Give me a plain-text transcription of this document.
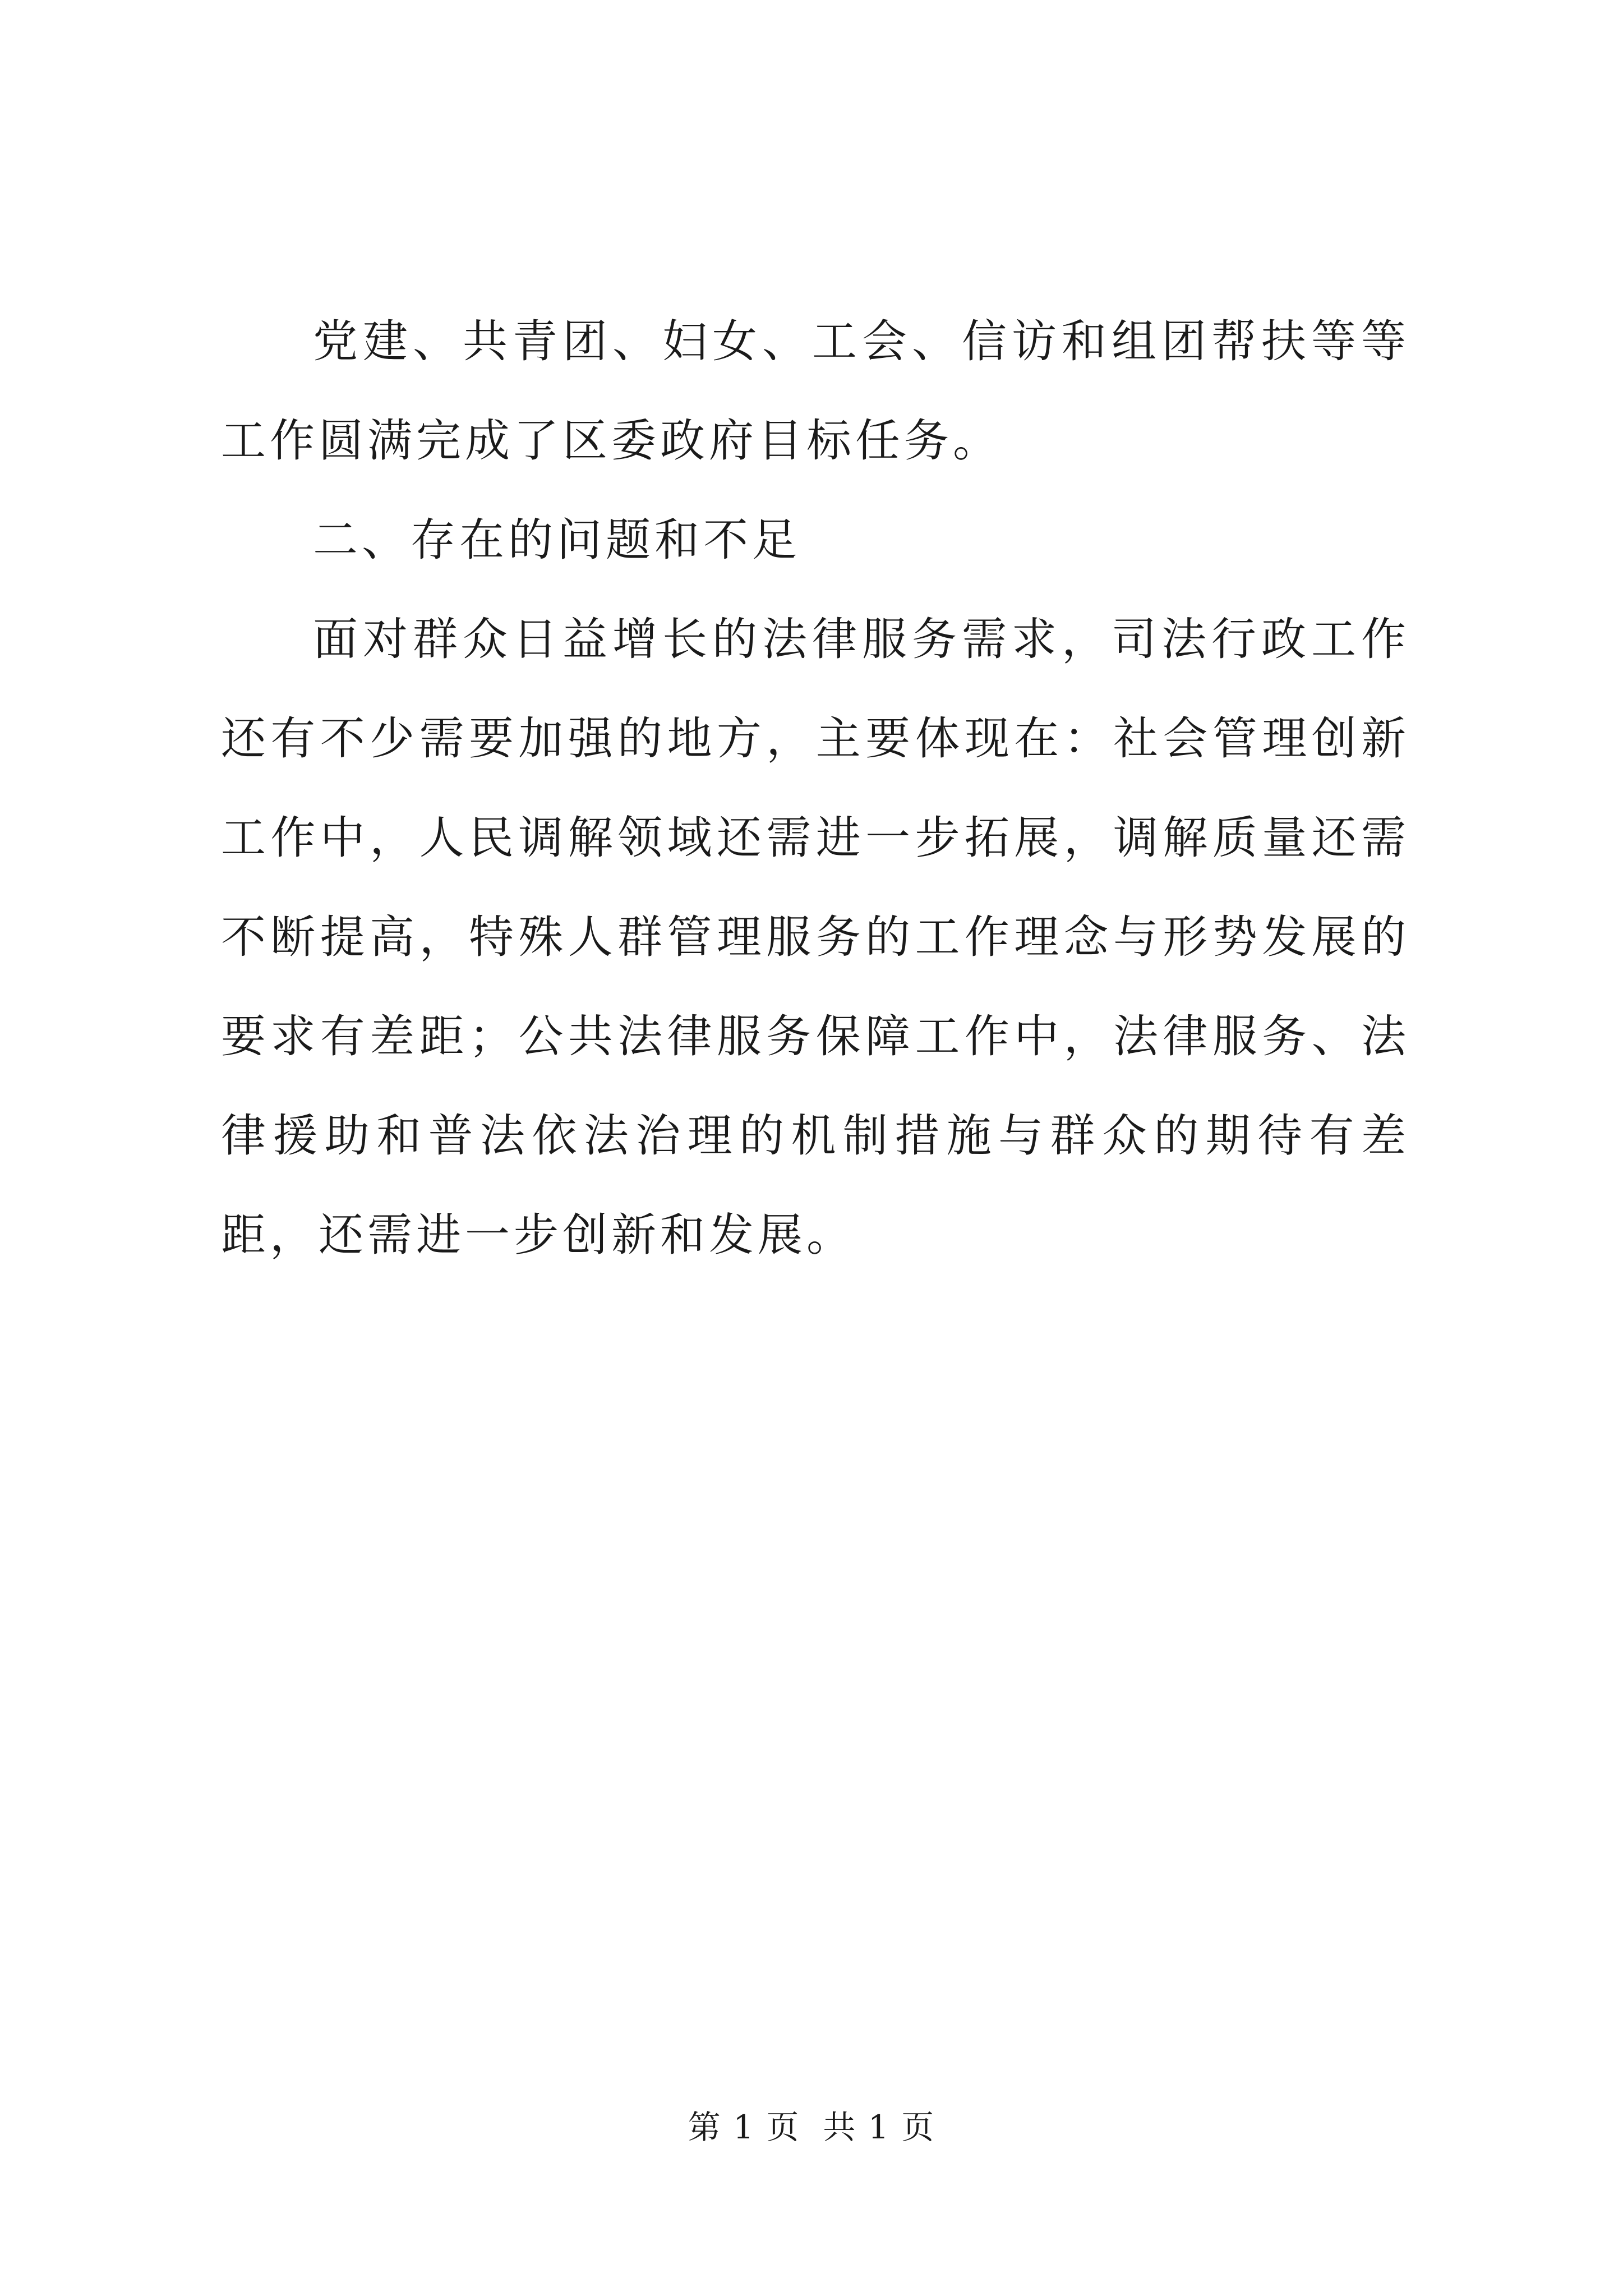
党建、共青团、妇女、工会、信访和组团帮扶等等工作圆满完成了区委政府目标任务。

二、存在的问题和不足

面对群众日益增长的法律服务需求，司法行政工作还有不少需要加强的地方，主要体现在：社会管理创新工作中，人民调解领域还需进一步拓展，调解质量还需不断提高，特殊人群管理服务的工作理念与形势发展的要求有差距；公共法律服务保障工作中，法律服务、法律援助和普法依法治理的机制措施与群众的期待有差距，还需进一步创新和发展。

第 1 页  共 1 页
